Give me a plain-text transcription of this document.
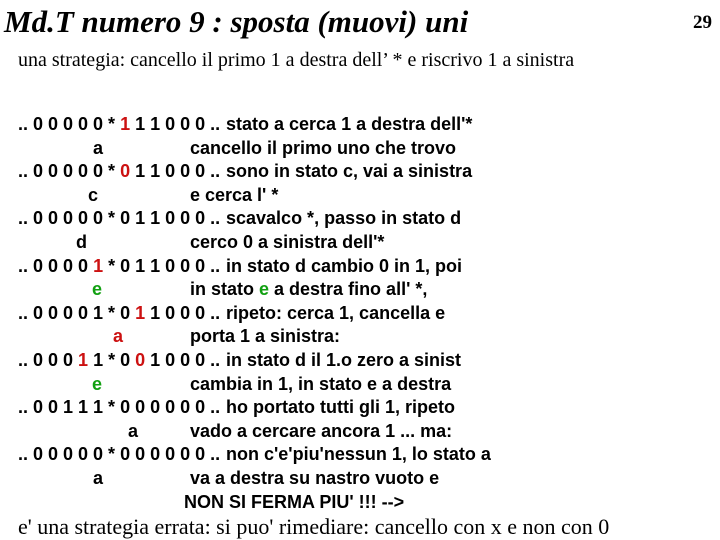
Md.T numero 9 : sposta (muovi) uni	29
una strategia: cancello il primo 1 a destra dell’ * e riscrivo 1 a sinistra
.. 0 0 0 0 0 * 1 1 1 0 0 0 .. stato a cerca 1 a destra dell'*
a	cancello il primo uno che trovo
.. 0 0 0 0 0 * 0 1 1 0 0 0 .. sono in stato c, vai a sinistra
c	e cerca l' *
.. 0 0 0 0 0 * 0 1 1 0 0 0 .. scavalco *, passo in stato d
d	cerco 0 a sinistra dell'*
.. 0 0 0 0 1 * 0 1 1 0 0 0 .. in stato d cambio 0 in 1, poi
e	in stato e a destra fino all' *,
.. 0 0 0 0 1 * 0 1 1 0 0 0 .. ripeto: cerca 1, cancella e
a	porta 1 a sinistra:
.. 0 0 0 1 1 * 0 0 1 0 0 0 .. in stato d il 1.o zero a sinist
e	cambia in 1, in stato e a destra
.. 0 0 1 1 1 * 0 0 0 0 0 0 .. ho portato tutti gli 1, ripeto
a	vado a cercare ancora 1 ... ma:
.. 0 0 0 0 0 * 0 0 0 0 0 0 .. non c'e'piu'nessun 1, lo stato a
a	va a destra su nastro vuoto e
NON SI FERMA PIU' !!! -->
e' una strategia errata: si puo' rimediare: cancello con x e non con 0
